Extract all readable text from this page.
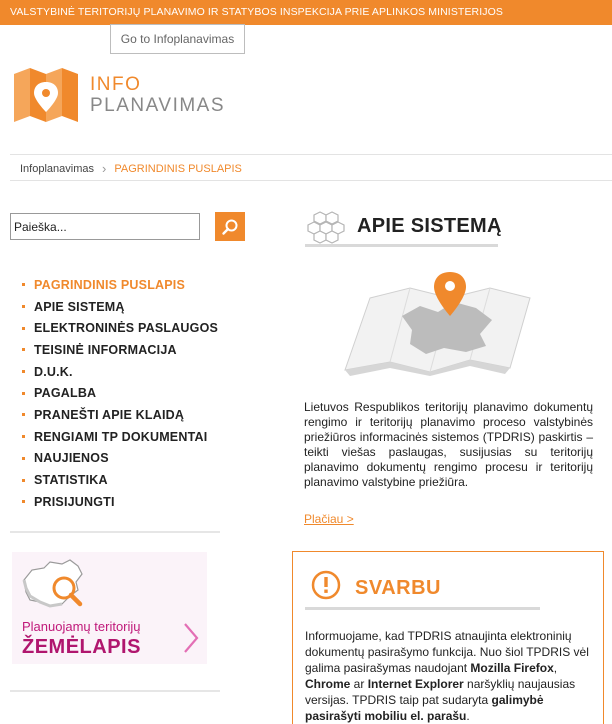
VALSTYBINĖ TERITORIJŲ PLANAVIMO IR STATYBOS INSPEKCIJA PRIE APLINKOS MINISTERIJOS
Go to Infoplanavimas
INFO
PLANAVIMAS
Infoplanavimas › PAGRINDINIS PUSLAPIS
Paieška...
PAGRINDINIS PUSLAPIS
APIE SISTEMĄ
ELEKTRONINĖS PASLAUGOS
TEISINĖ INFORMACIJA
D.U.K.
PAGALBA
PRANEŠTI APIE KLAIDĄ
RENGIAMI TP DOKUMENTAI
NAUJIENOS
STATISTIKA
PRISIJUNGTI
Planuojamų teritorijų
ŽEMĖLAPIS
APIE SISTEMĄ
Lietuvos Respublikos teritorijų planavimo dokumentų rengimo ir teritorijų planavimo proceso valstybinės priežiūros informacinės sistemos (TPDRIS) paskirtis – teikti viešas paslaugas, susijusias su teritorijų planavimo dokumentų rengimo procesu ir teritorijų planavimo valstybine priežiūra.
Plačiau >
SVARBU
Informuojame, kad TPDRIS atnaujinta elektroninių dokumentų pasirašymo funkcija. Nuo šiol TPDRIS vėl galima pasirašymas naudojant Mozilla Firefox, Chrome ar Internet Explorer naršyklių naujausias versijas. TPDRIS taip pat sudaryta galimybė pasirašyti mobiliu el. parašu.
